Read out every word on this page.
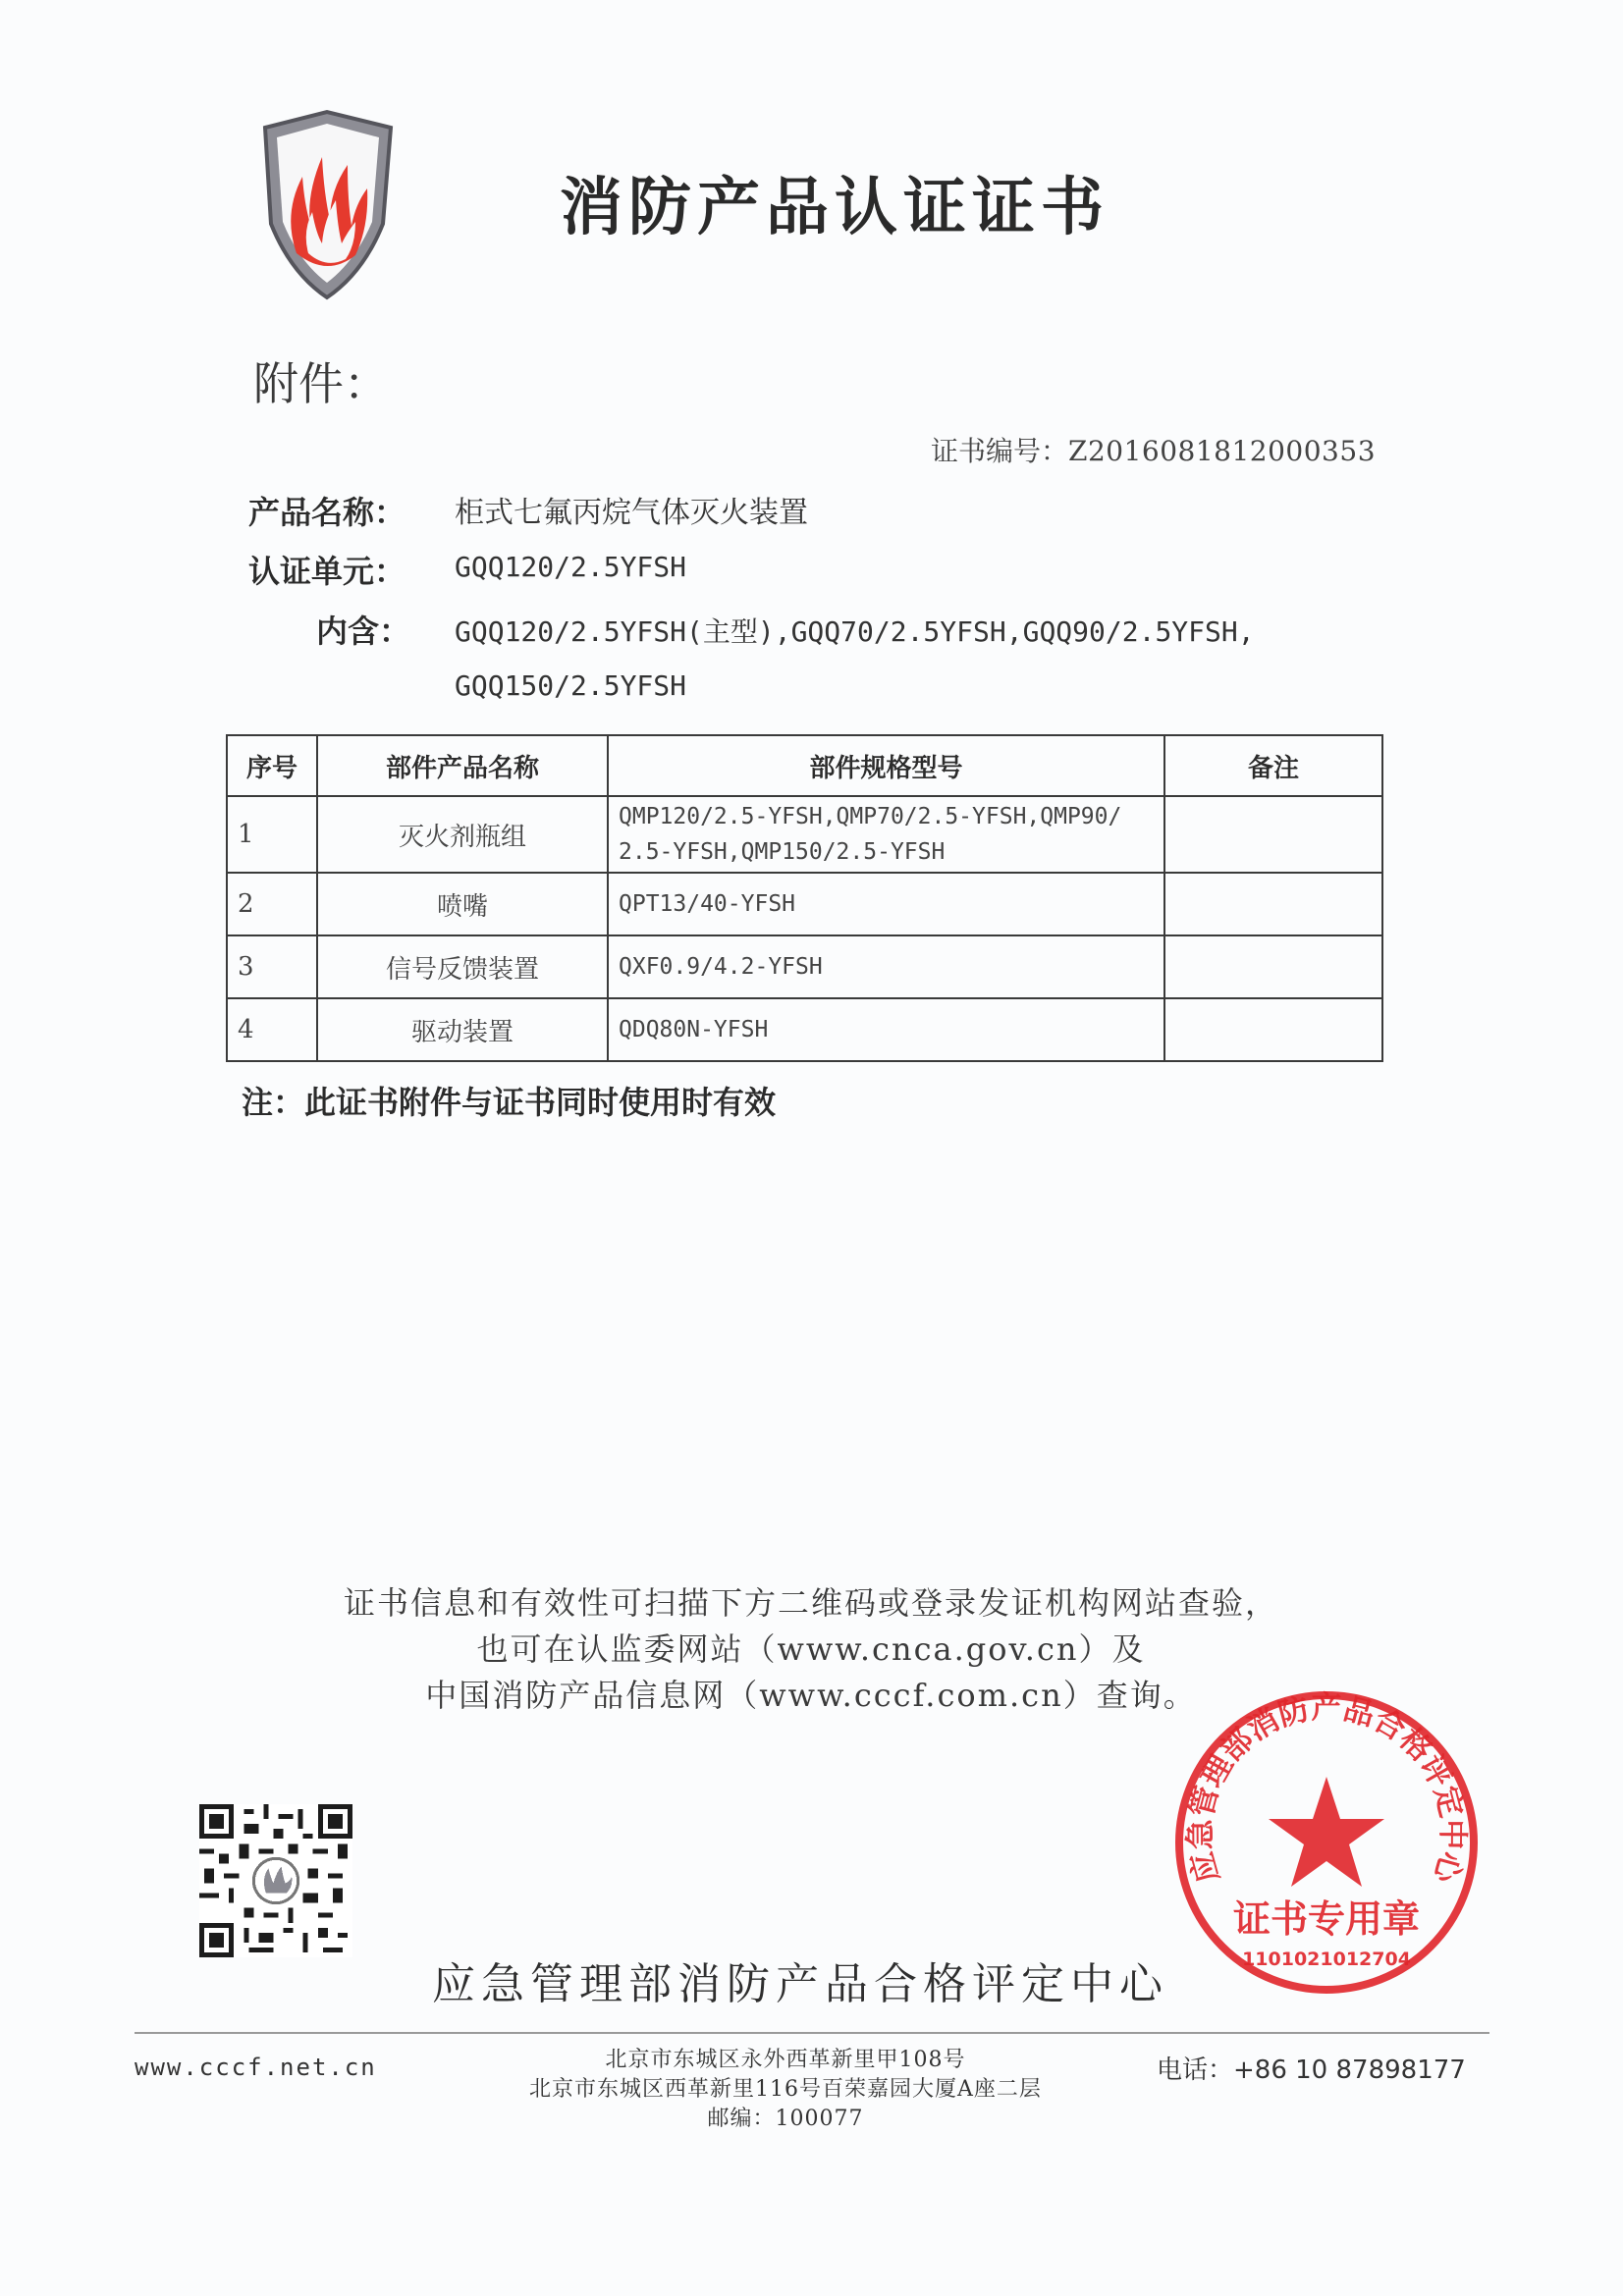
消防产品认证证书
附件：
证书编号：Z2016081812000353
产品名称： 柜式七氟丙烷气体灭火装置
认证单元： GQQ120/2.5YFSH
内含： GQQ120/2.5YFSH(主型),GQQ70/2.5YFSH,GQQ90/2.5YFSH,
GQQ150/2.5YFSH
序号	部件产品名称	部件规格型号	备注
1	灭火剂瓶组	QMP120/2.5-YFSH,QMP70/2.5-YFSH,QMP90/
2.5-YFSH,QMP150/2.5-YFSH	

2	喷嘴	QPT13/40-YFSH	
3	信号反馈装置	QXF0.9/4.2-YFSH	
4	驱动装置	QDQ80N-YFSH	
注：此证书附件与证书同时使用时有效
证书信息和有效性可扫描下方二维码或登录发证机构网站查验，
也可在认监委网站（www.cnca.gov.cn）及
中国消防产品信息网（www.cccf.com.cn）查询。
应急管理部消防产品合格评定中心
应急管理部消防产品合格评定中心
证书专用章
1101021012704
www.cccf.net.cn	北京市东城区永外西革新里甲108号
北京市东城区西革新里116号百荣嘉园大厦A座二层
邮编：100077
电话：+86 10 87898177
